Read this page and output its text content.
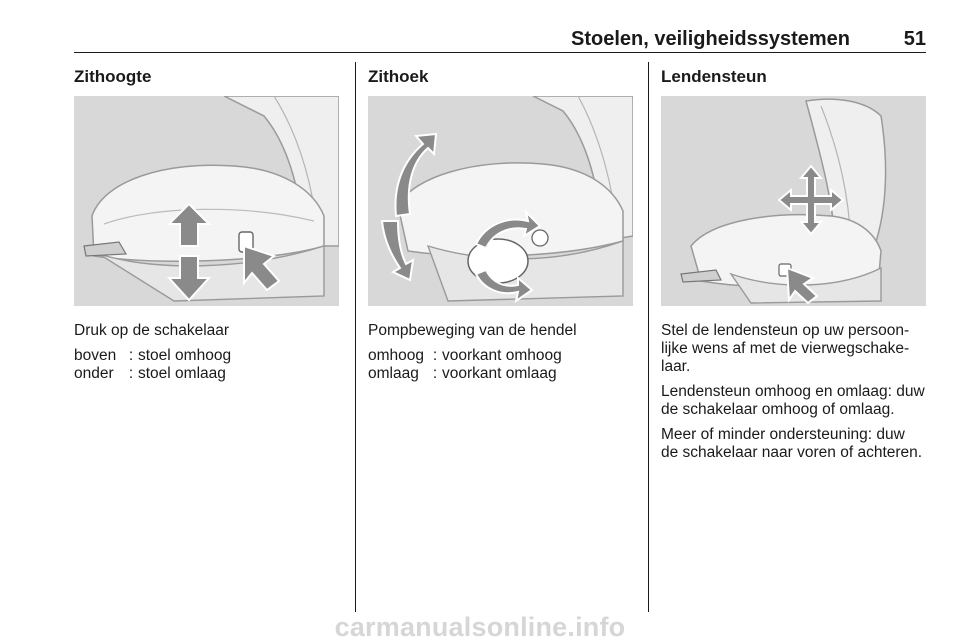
Stoelen, veiligheidssystemen	51
Zithoogte
Druk op de schakelaar
boven : stoel omhoog
onder : stoel omlaag
Zithoek
Pompbeweging van de hendel
omhoog : voorkant omhoog
omlaag : voorkant omlaag
Lendensteun

Stel de lendensteun op uw persoon-lijke wens af met de vierwegschake-laar.

Lendensteun omhoog en omlaag: duw de schakelaar omhoog of omlaag.

Meer of minder ondersteuning: duw de schakelaar naar voren of achteren.

carmanualsonline.info
